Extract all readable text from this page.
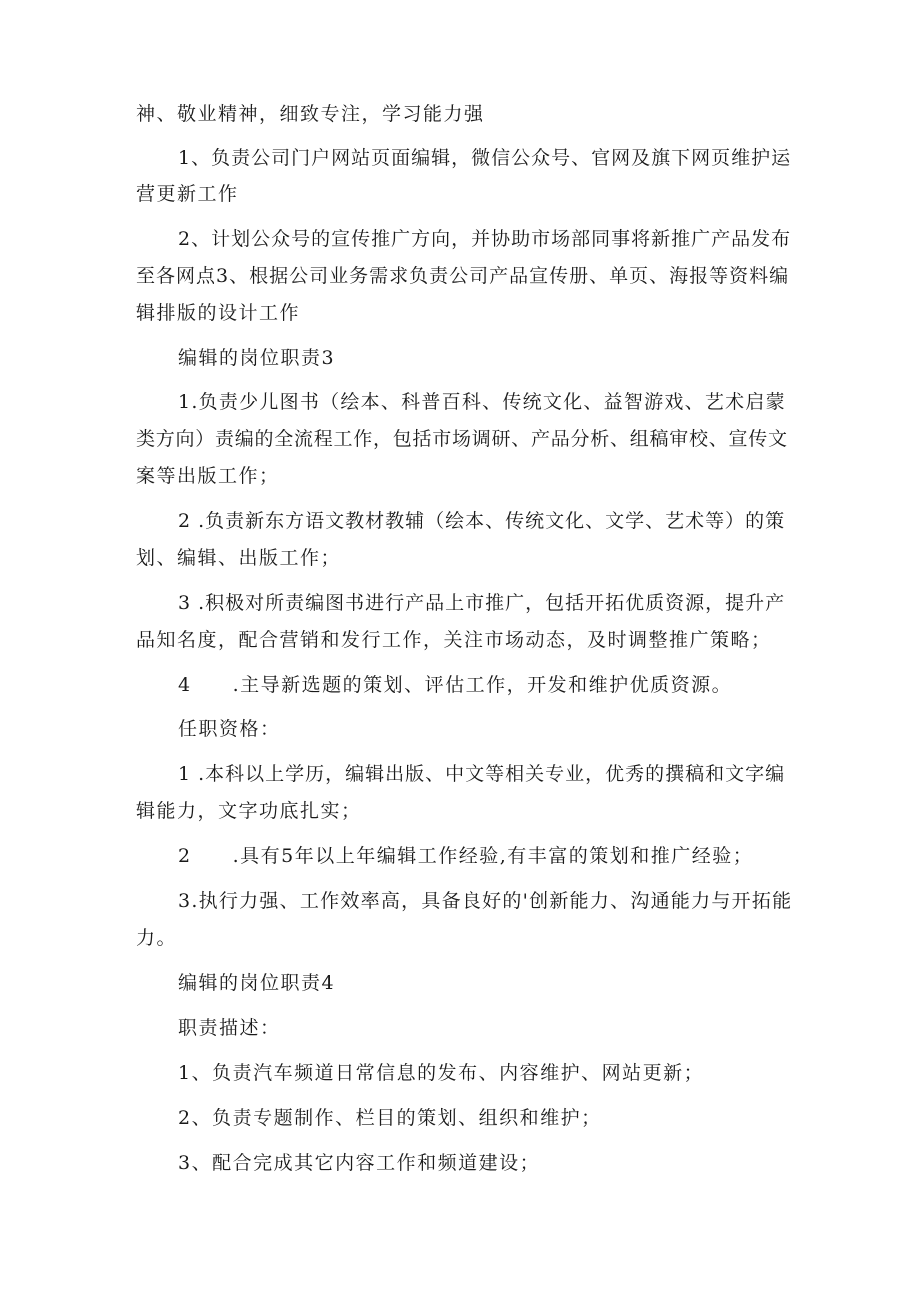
神、敬业精神，细致专注，学习能力强
1、负责公司门户网站页面编辑，微信公众号、官网及旗下网页维护运
营更新工作
2、计划公众号的宣传推广方向，并协助市场部同事将新推广产品发布
至各网点3、根据公司业务需求负责公司产品宣传册、单页、海报等资料编
辑排版的设计工作
编辑的岗位职责3
1.负责少儿图书（绘本、科普百科、传统文化、益智游戏、艺术启蒙
类方向）责编的全流程工作，包括市场调研、产品分析、组稿审校、宣传文
案等出版工作；
2 .负责新东方语文教材教辅（绘本、传统文化、文学、艺术等）的策
划、编辑、出版工作；
3 .积极对所责编图书进行产品上市推广，包括开拓优质资源，提升产
品知名度，配合营销和发行工作，关注市场动态，及时调整推广策略；
4　　.主导新选题的策划、评估工作，开发和维护优质资源。
任职资格：
1 .本科以上学历，编辑出版、中文等相关专业，优秀的撰稿和文字编
辑能力，文字功底扎实；
2　　.具有5年以上年编辑工作经验,有丰富的策划和推广经验；
3.执行力强、工作效率高，具备良好的'创新能力、沟通能力与开拓能
力。
编辑的岗位职责4
职责描述：
1、负责汽车频道日常信息的发布、内容维护、网站更新；
2、负责专题制作、栏目的策划、组织和维护；
3、配合完成其它内容工作和频道建设；
